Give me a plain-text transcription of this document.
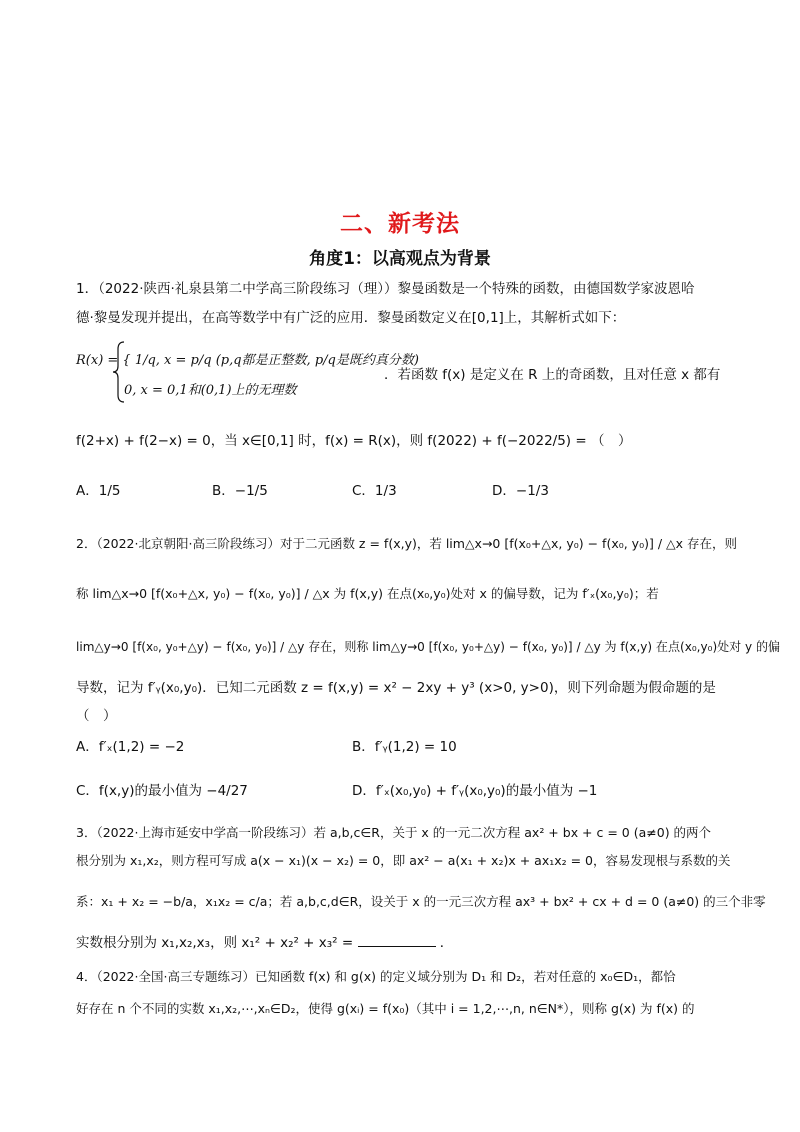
二、新考法
角度1：以高观点为背景
1．（2022·陕西·礼泉县第二中学高三阶段练习（理））黎曼函数是一个特殊的函数，由德国数学家波恩哈
德·黎曼发现并提出，在高等数学中有广泛的应用．黎曼函数定义在[0,1]上，其解析式如下：
R(x) = { 1/q, x = p/q (p,q都是正整数, p/q是既约真分数)
0, x = 0,1和(0,1)上的无理数
．若函数 f(x) 是定义在 R 上的奇函数，且对任意 x 都有
f(2+x) + f(2−x) = 0，当 x∈[0,1] 时，f(x) = R(x)，则 f(2022) + f(−2022/5) = （　）
A．1/5	B．−1/5	C．1/3	D．−1/3
2．（2022·北京朝阳·高三阶段练习）对于二元函数 z = f(x,y)，若 lim△x→0 [f(x₀+△x, y₀) − f(x₀, y₀)] / △x 存在，则
称 lim△x→0 [f(x₀+△x, y₀) − f(x₀, y₀)] / △x 为 f(x,y) 在点(x₀,y₀)处对 x 的偏导数，记为 f′ₓ(x₀,y₀)；若
lim△y→0 [f(x₀, y₀+△y) − f(x₀, y₀)] / △y 存在，则称 lim△y→0 [f(x₀, y₀+△y) − f(x₀, y₀)] / △y 为 f(x,y) 在点(x₀,y₀)处对 y 的偏
导数，记为 f′ᵧ(x₀,y₀)．已知二元函数 z = f(x,y) = x² − 2xy + y³ (x>0, y>0)，则下列命题为假命题的是
（　）
A．f′ₓ(1,2) = −2	B．f′ᵧ(1,2) = 10
C．f(x,y)的最小值为 −4/27	D．f′ₓ(x₀,y₀) + f′ᵧ(x₀,y₀)的最小值为 −1
3．（2022·上海市延安中学高一阶段练习）若 a,b,c∈R，关于 x 的一元二次方程 ax² + bx + c = 0 (a≠0) 的两个
根分别为 x₁,x₂，则方程可写成 a(x − x₁)(x − x₂) = 0，即 ax² − a(x₁ + x₂)x + ax₁x₂ = 0，容易发现根与系数的关
系：x₁ + x₂ = −b/a，x₁x₂ = c/a；若 a,b,c,d∈R，设关于 x 的一元三次方程 ax³ + bx² + cx + d = 0 (a≠0) 的三个非零
实数根分别为 x₁,x₂,x₃，则 x₁² + x₂² + x₃² =	．
4．（2022·全国·高三专题练习）已知函数 f(x) 和 g(x) 的定义域分别为 D₁ 和 D₂，若对任意的 x₀∈D₁，都恰
好存在 n 个不同的实数 x₁,x₂,⋯,xₙ∈D₂，使得 g(xᵢ) = f(x₀)（其中 i = 1,2,⋯,n, n∈N*），则称 g(x) 为 f(x) 的
